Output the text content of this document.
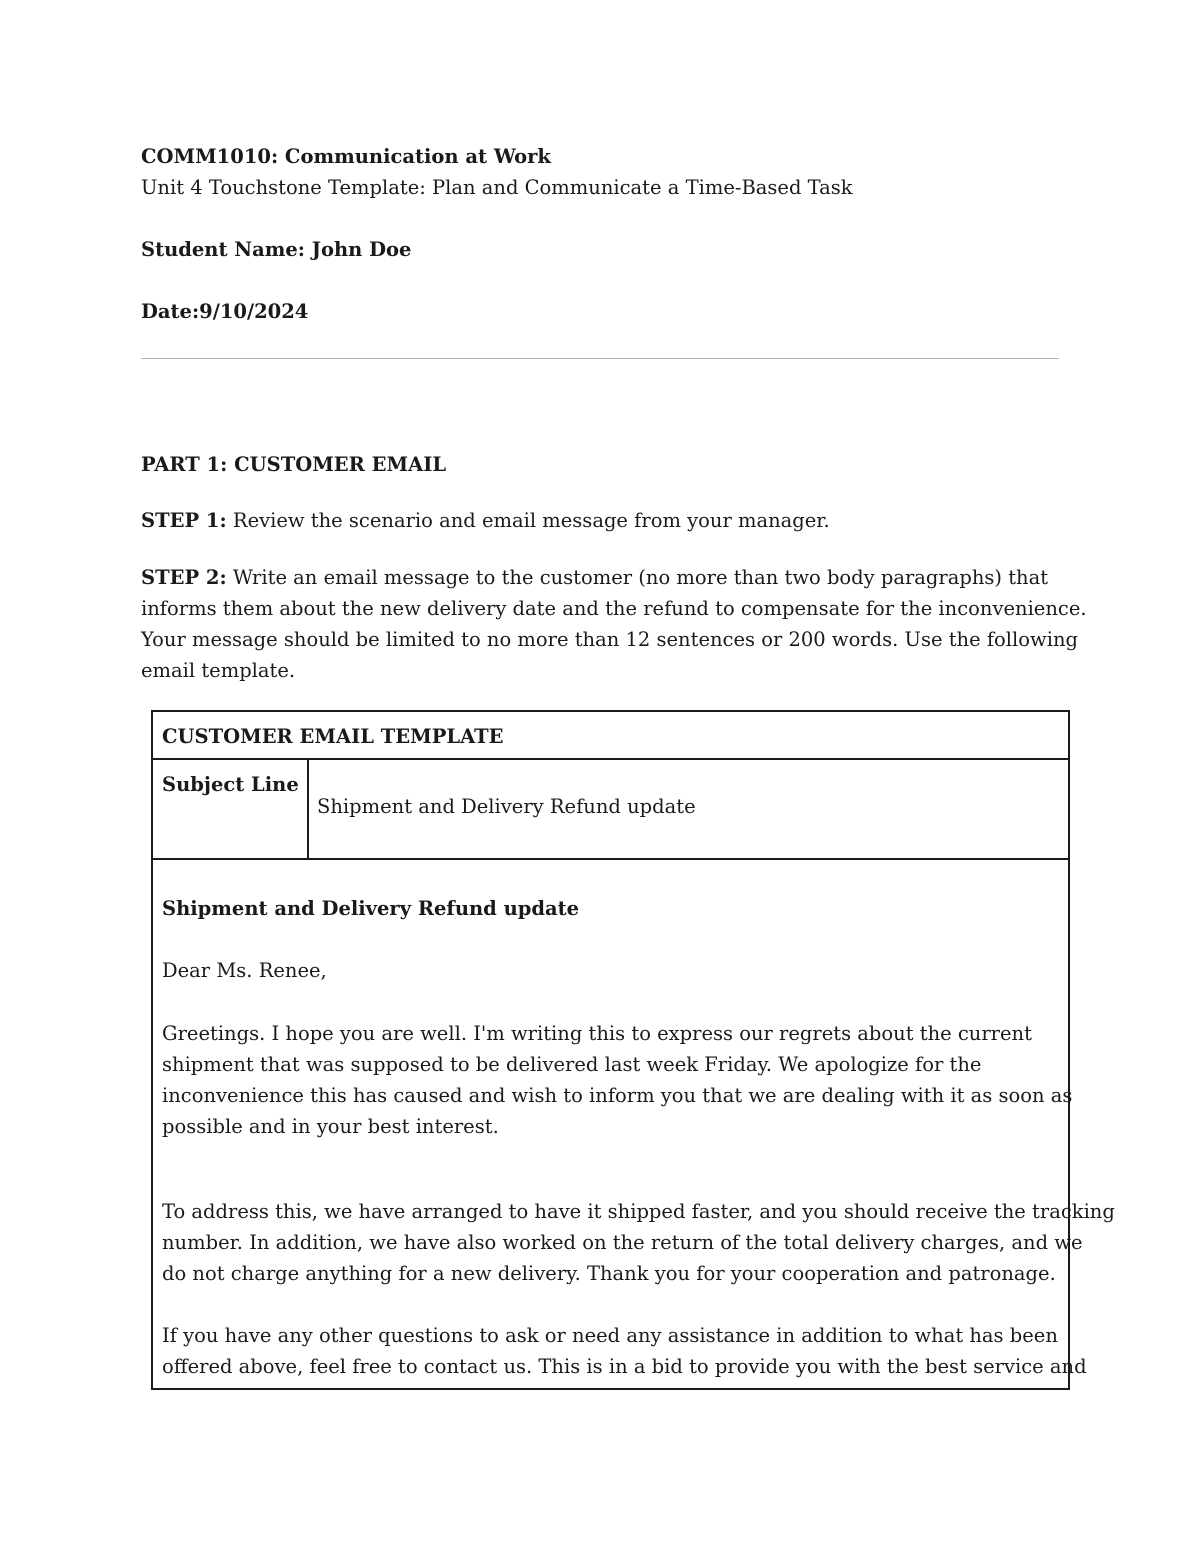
COMM1010: Communication at Work
Unit 4 Touchstone Template: Plan and Communicate a Time-Based Task
Student Name: John Doe
Date:9/10/2024
PART 1: CUSTOMER EMAIL
STEP 1: Review the scenario and email message from your manager.
STEP 2: Write an email message to the customer (no more than two body paragraphs) that
informs them about the new delivery date and the refund to compensate for the inconvenience.
Your message should be limited to no more than 12 sentences or 200 words. Use the following
email template.
CUSTOMER EMAIL TEMPLATE
Subject Line
Shipment and Delivery Refund update
Shipment and Delivery Refund update
Dear Ms. Renee,
Greetings. I hope you are well. I'm writing this to express our regrets about the current
shipment that was supposed to be delivered last week Friday. We apologize for the
inconvenience this has caused and wish to inform you that we are dealing with it as soon as
possible and in your best interest.
To address this, we have arranged to have it shipped faster, and you should receive the tracking
number. In addition, we have also worked on the return of the total delivery charges, and we
do not charge anything for a new delivery. Thank you for your cooperation and patronage.
If you have any other questions to ask or need any assistance in addition to what has been
offered above, feel free to contact us. This is in a bid to provide you with the best service and
